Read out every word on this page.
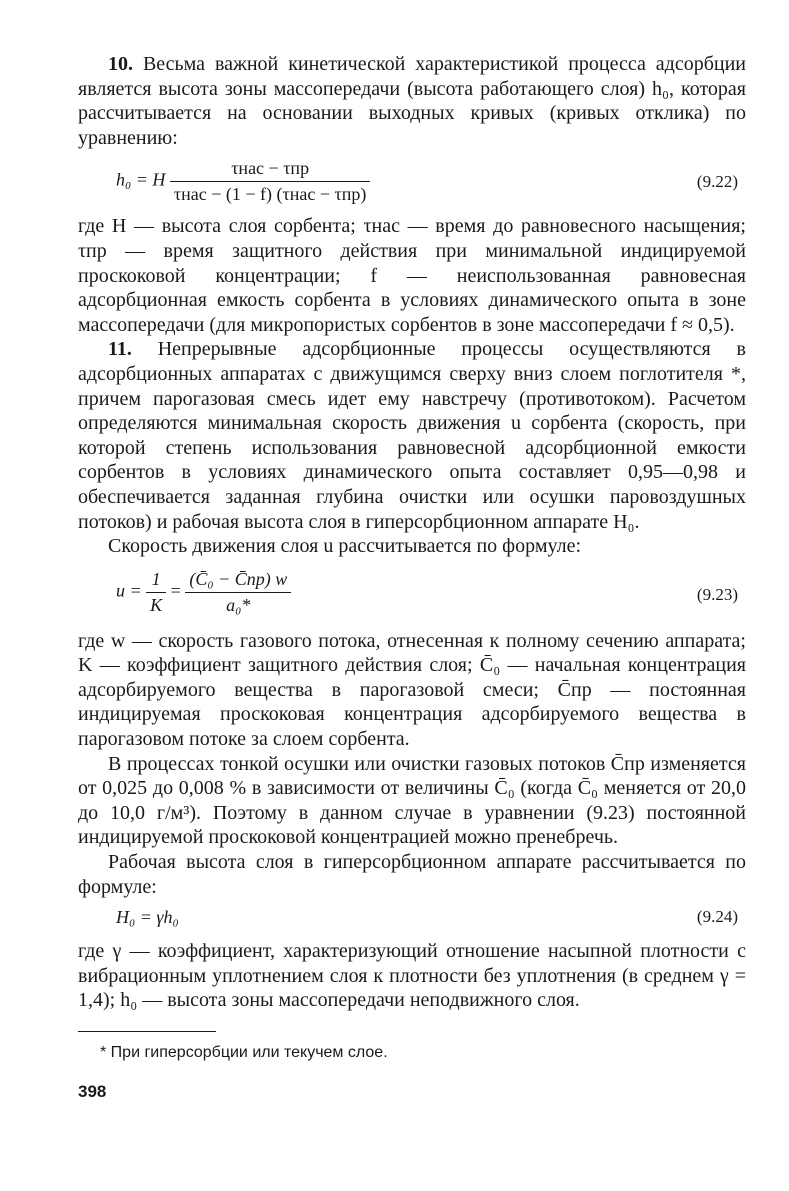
10. Весьма важной кинетической характеристикой процесса адсорбции является высота зоны массопередачи (высота работающего слоя) h₀, которая рассчитывается на основании выходных кривых (кривых отклика) по уравнению:

h₀ = H $\frac{\text{τнас − τпр}}{\text{τнас − (1 − f) (τнас − τпр)}}$	(9.22)

где H — высота слоя сорбента; τнас — время до равновесного насыщения; τпр — время защитного действия при минимальной индицируемой проскоковой концентрации; f — неиспользованная равновесная адсорбционная емкость сорбента в условиях динамического опыта в зоне массопередачи (для микропористых сорбентов в зоне массопередачи f ≈ 0,5).

11. Непрерывные адсорбционные процессы осуществляются в адсорбционных аппаратах с движущимся сверху вниз слоем поглотителя *, причем парогазовая смесь идет ему навстречу (противотоком). Расчетом определяются минимальная скорость движения u сорбента (скорость, при которой степень использования равновесной адсорбционной емкости сорбентов в условиях динамического опыта составляет 0,95—0,98 и обеспечивается заданная глубина очистки или осушки паровоздушных потоков) и рабочая высота слоя в гиперсорбционном аппарате H₀.

Скорость движения слоя u рассчитывается по формуле:

$u = \frac{1}{K} = \frac{\text{(C̄₀ − C̄пр) w}}{\text{a₀*}}$	(9.23)

где w — скорость газового потока, отнесенная к полному сечению аппарата; K — коэффициент защитного действия слоя; C̄₀ — начальная концентрация адсорбируемого вещества в парогазовой смеси; C̄пр — постоянная индицируемая проскоковая концентрация адсорбируемого вещества в парогазовом потоке за слоем сорбента.

В процессах тонкой осушки или очистки газовых потоков C̄пр изменяется от 0,025 до 0,008 % в зависимости от величины C̄₀ (когда C̄₀ меняется от 20,0 до 10,0 г/м³). Поэтому в данном случае в уравнении (9.23) постоянной индицируемой проскоковой концентрацией можно пренебречь.

Рабочая высота слоя в гиперсорбционном аппарате рассчитывается по формуле:

H₀ = γh₀	(9.24)

где γ — коэффициент, характеризующий отношение насыпной плотности с вибрационным уплотнением слоя к плотности без уплотнения (в среднем γ = 1,4); h₀ — высота зоны массопередачи неподвижного слоя.

* При гиперсорбции или текучем слое.
398
